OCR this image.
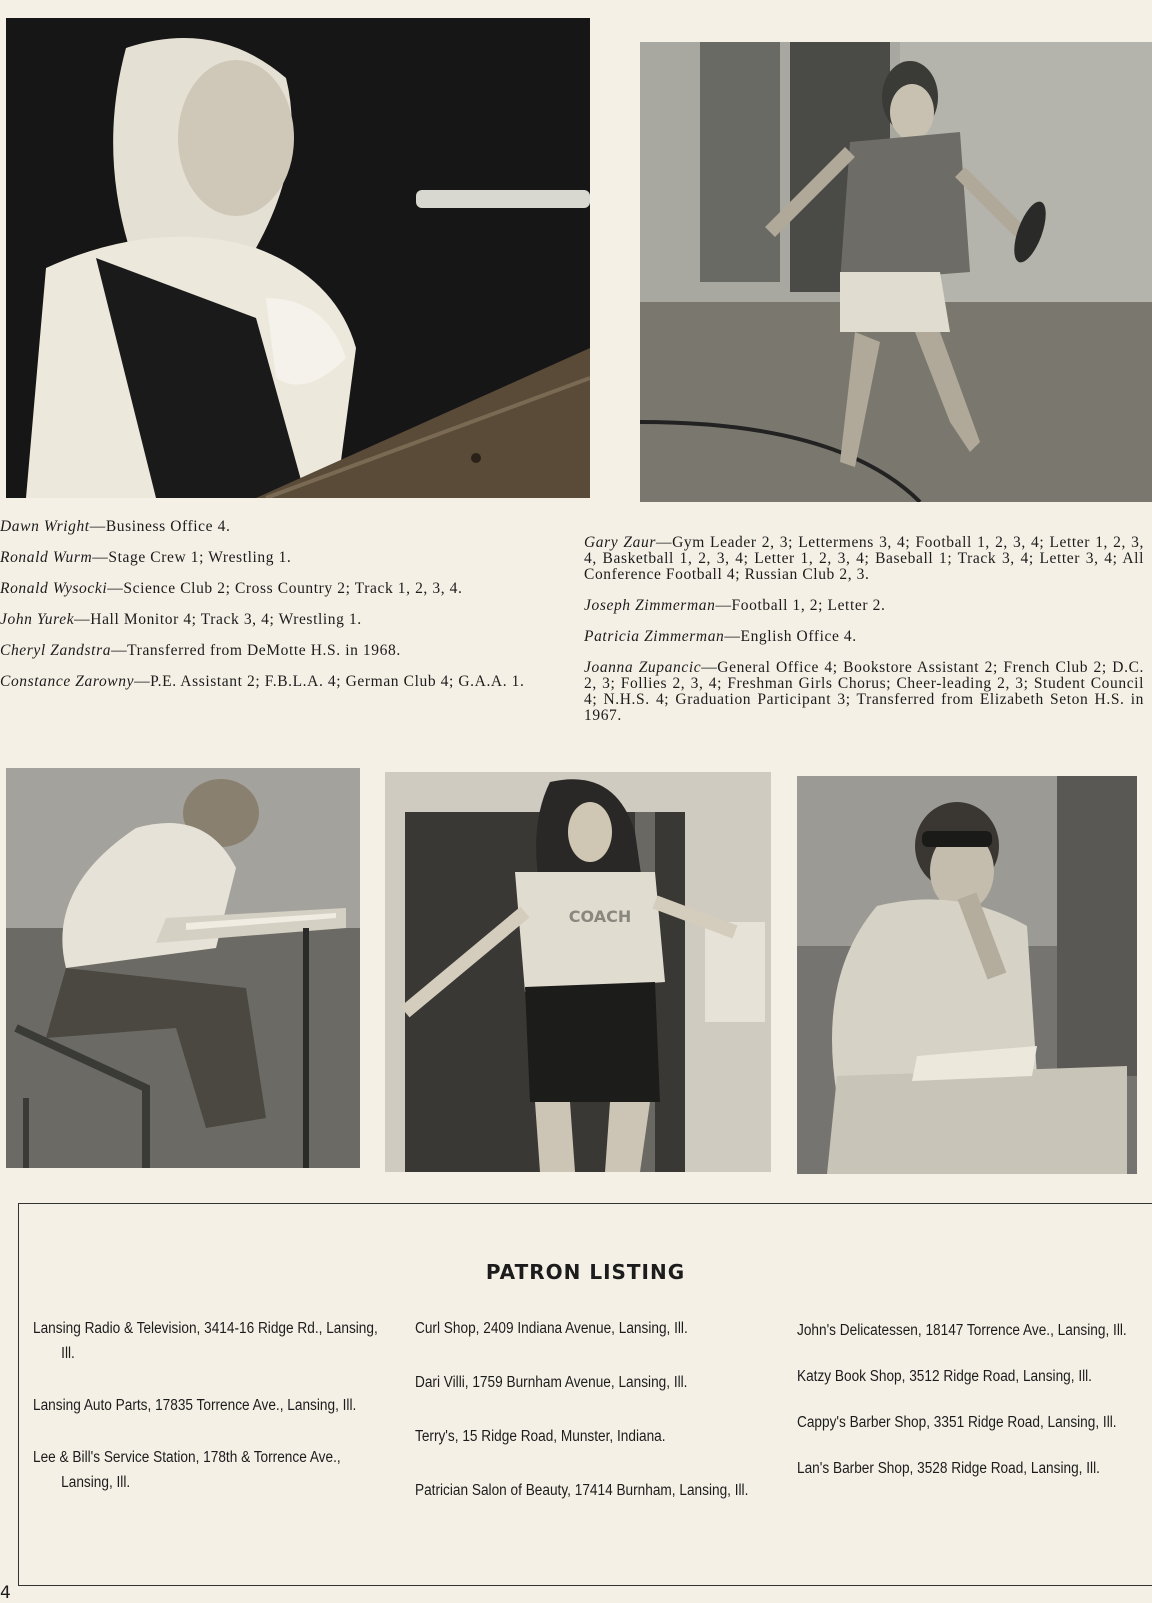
Dawn Wright—Business Office 4.

Ronald Wurm—Stage Crew 1; Wrestling 1.

Ronald Wysocki—Science Club 2; Cross Country 2; Track 1, 2, 3, 4.

John Yurek—Hall Monitor 4; Track 3, 4; Wrestling 1.

Cheryl Zandstra—Transferred from DeMotte H.S. in 1968.

Constance Zarowny—P.E. Assistant 2; F.B.L.A. 4; German Club 4; G.A.A. 1.

Gary Zaur—Gym Leader 2, 3; Lettermens 3, 4; Football 1, 2, 3, 4; Letter 1, 2, 3, 4, Basketball 1, 2, 3, 4; Letter 1, 2, 3, 4; Baseball 1; Track 3, 4; Letter 3, 4; All Conference Football 4; Russian Club 2, 3.

Joseph Zimmerman—Football 1, 2; Letter 2.

Patricia Zimmerman—English Office 4.

Joanna Zupancic—General Office 4; Bookstore Assistant 2; French Club 2; D.C. 2, 3; Follies 2, 3, 4; Freshman Girls Chorus; Cheer-leading 2, 3; Student Council 4; N.H.S. 4; Graduation Participant 3; Transferred from Elizabeth Seton H.S. in 1967.

COACH
PATRON LISTING

Lansing Radio & Television, 3414-16 Ridge Rd., Lansing, Ill.

Lansing Auto Parts, 17835 Torrence Ave., Lansing, Ill.

Lee & Bill's Service Station, 178th & Torrence Ave., Lansing, Ill.

Curl Shop, 2409 Indiana Avenue, Lansing, Ill.

Dari Villi, 1759 Burnham Avenue, Lansing, Ill.

Terry's, 15 Ridge Road, Munster, Indiana.

Patrician Salon of Beauty, 17414 Burnham, Lansing, Ill.

John's Delicatessen, 18147 Torrence Ave., Lansing, Ill.

Katzy Book Shop, 3512 Ridge Road, Lansing, Ill.

Cappy's Barber Shop, 3351 Ridge Road, Lansing, Ill.

Lan's Barber Shop, 3528 Ridge Road, Lansing, Ill.

4
